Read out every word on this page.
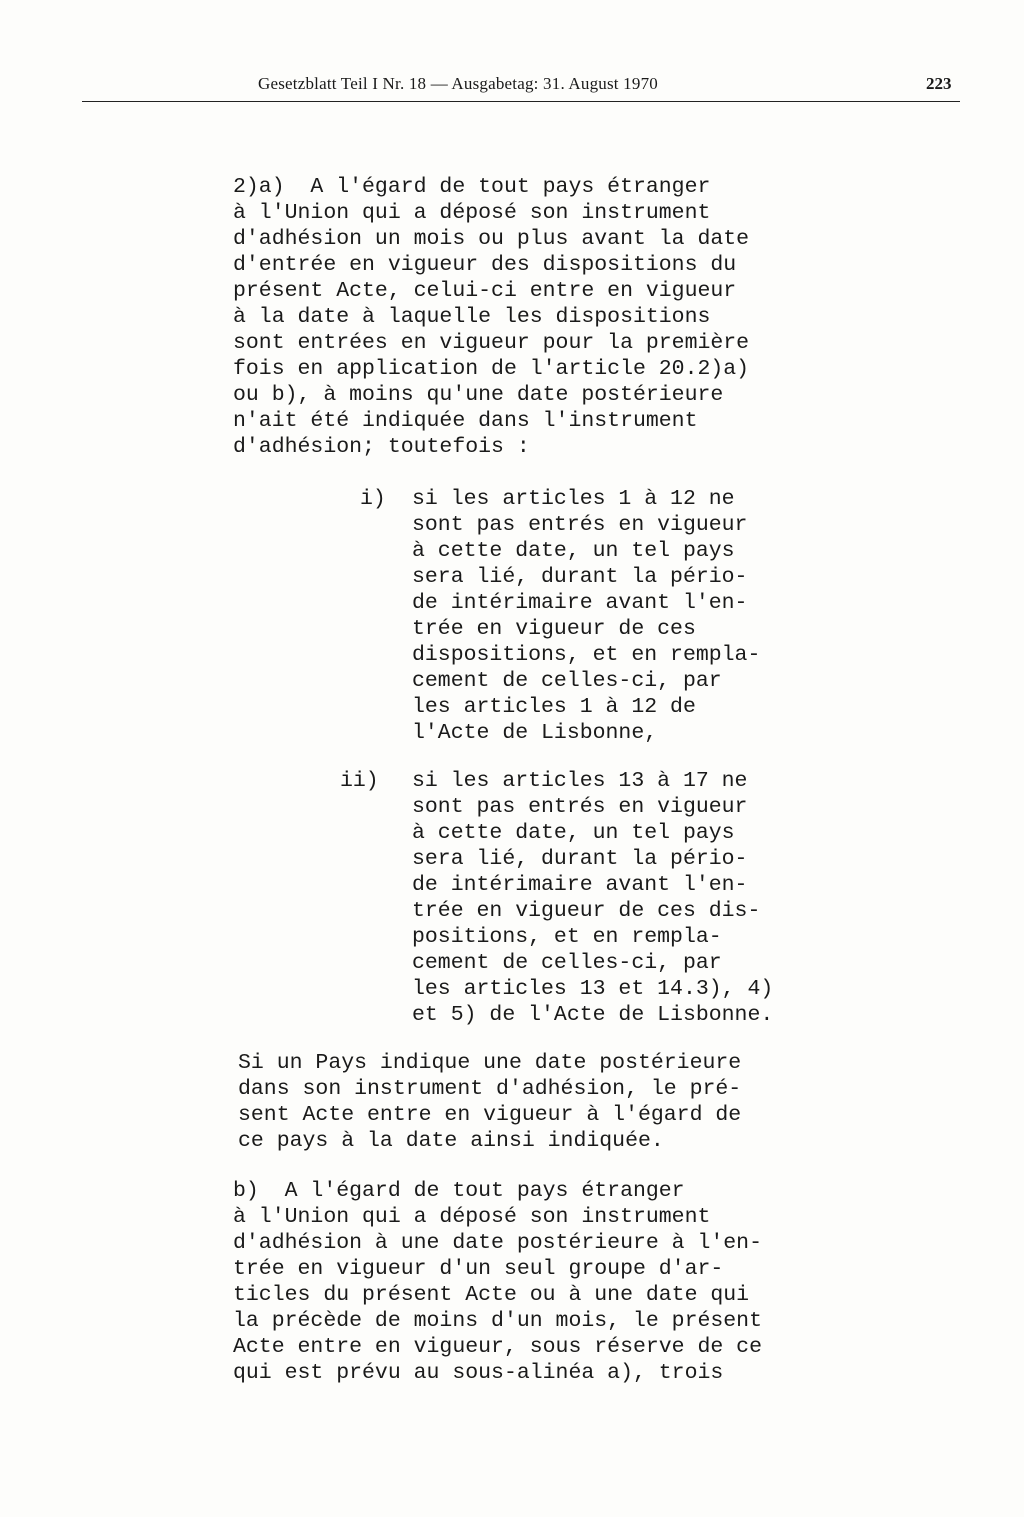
Gesetzblatt Teil I Nr. 18 — Ausgabetag: 31. August 1970	223
2)a)  A l'égard de tout pays étranger
à l'Union qui a déposé son instrument
d'adhésion un mois ou plus avant la date
d'entrée en vigueur des dispositions du
présent Acte, celui-ci entre en vigueur
à la date à laquelle les dispositions
sont entrées en vigueur pour la première
fois en application de l'article 20.2)a)
ou b), à moins qu'une date postérieure
n'ait été indiquée dans l'instrument
d'adhésion; toutefois :
i) si les articles 1 à 12 ne
sont pas entrés en vigueur
à cette date, un tel pays
sera lié, durant la pério-
de intérimaire avant l'en-
trée en vigueur de ces
dispositions, et en rempla-
cement de celles-ci, par
les articles 1 à 12 de
l'Acte de Lisbonne,
ii) si les articles 13 à 17 ne
sont pas entrés en vigueur
à cette date, un tel pays
sera lié, durant la pério-
de intérimaire avant l'en-
trée en vigueur de ces dis-
positions, et en rempla-
cement de celles-ci, par
les articles 13 et 14.3), 4)
et 5) de l'Acte de Lisbonne.
Si un Pays indique une date postérieure
dans son instrument d'adhésion, le pré-
sent Acte entre en vigueur à l'égard de
ce pays à la date ainsi indiquée.
b)  A l'égard de tout pays étranger
à l'Union qui a déposé son instrument
d'adhésion à une date postérieure à l'en-
trée en vigueur d'un seul groupe d'ar-
ticles du présent Acte ou à une date qui
la précède de moins d'un mois, le présent
Acte entre en vigueur, sous réserve de ce
qui est prévu au sous-alinéa a), trois
